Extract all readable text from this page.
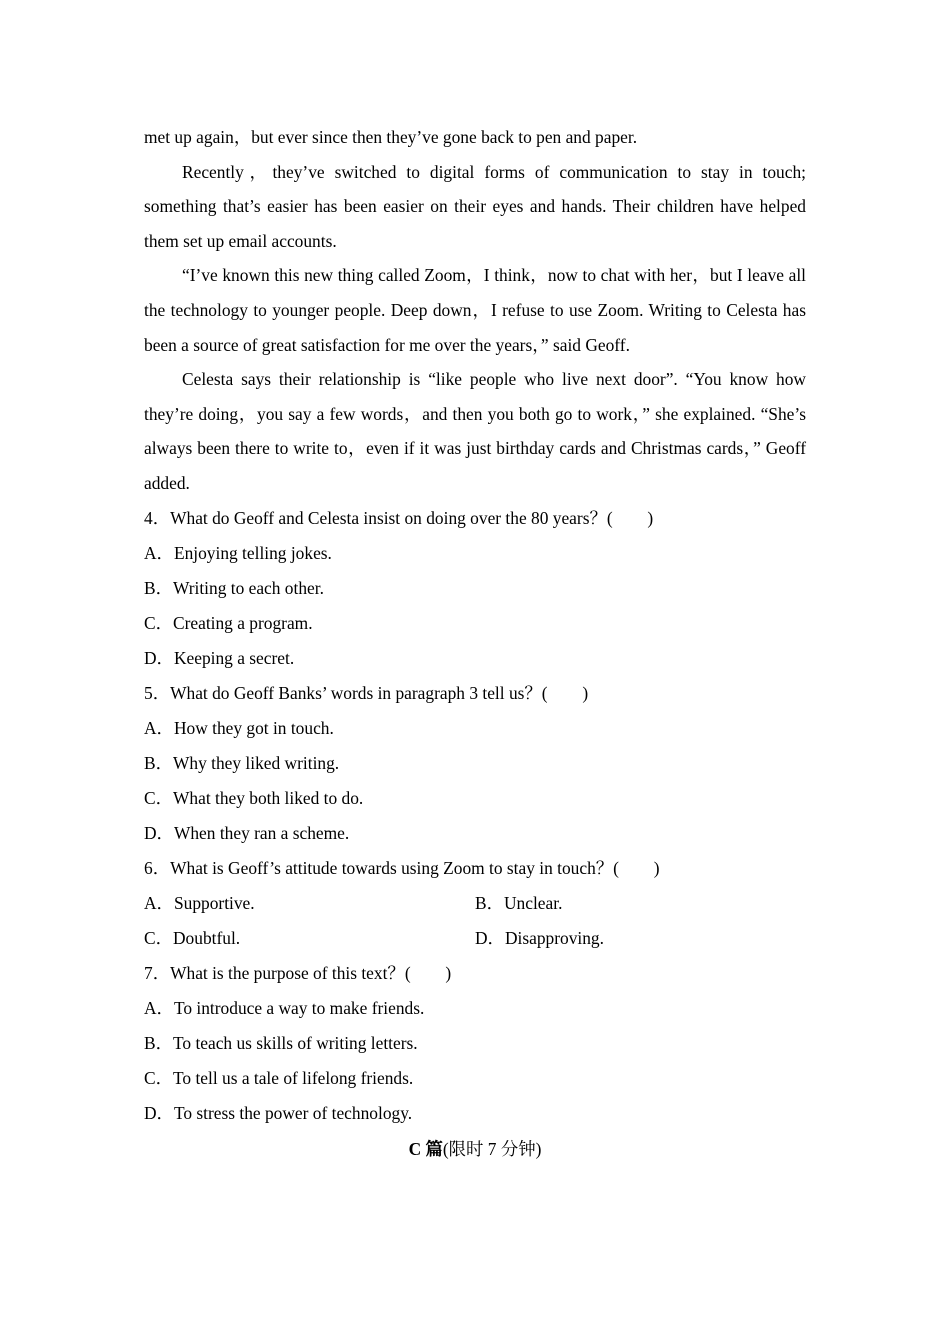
met up again，but ever since then they’ve gone back to pen and paper.

Recently，they’ve switched to digital forms of communication to stay in touch; something that’s easier has been easier on their eyes and hands. Their children have helped them set up email accounts.

“I’ve known this new thing called Zoom，I think，now to chat with her，but I leave all the technology to younger people. Deep down，I refuse to use Zoom. Writing to Celesta has been a source of great satisfaction for me over the years，” said Geoff.

Celesta says their relationship is “like people who live next door”. “You know how they’re doing，you say a few words，and then you both go to work，” she explained. “She’s always been there to write to，even if it was just birthday cards and Christmas cards，” Geoff added.

4．What do Geoff and Celesta insist on doing over the 80 years？(　　)
A．Enjoying telling jokes.
B．Writing to each other.
C．Creating a program.
D．Keeping a secret.
5．What do Geoff Banks’ words in paragraph 3 tell us？(　　)
A．How they got in touch.
B．Why they liked writing.
C．What they both liked to do.
D．When they ran a scheme.
6．What is Geoff’s attitude towards using Zoom to stay in touch？(　　)
A．Supportive.	B．Unclear.
C．Doubtful.	D．Disapproving.
7．What is the purpose of this text？(　　)
A．To introduce a way to make friends.
B．To teach us skills of writing letters.
C．To tell us a tale of lifelong friends.
D．To stress the power of technology.
C 篇(限时 7 分钟)
